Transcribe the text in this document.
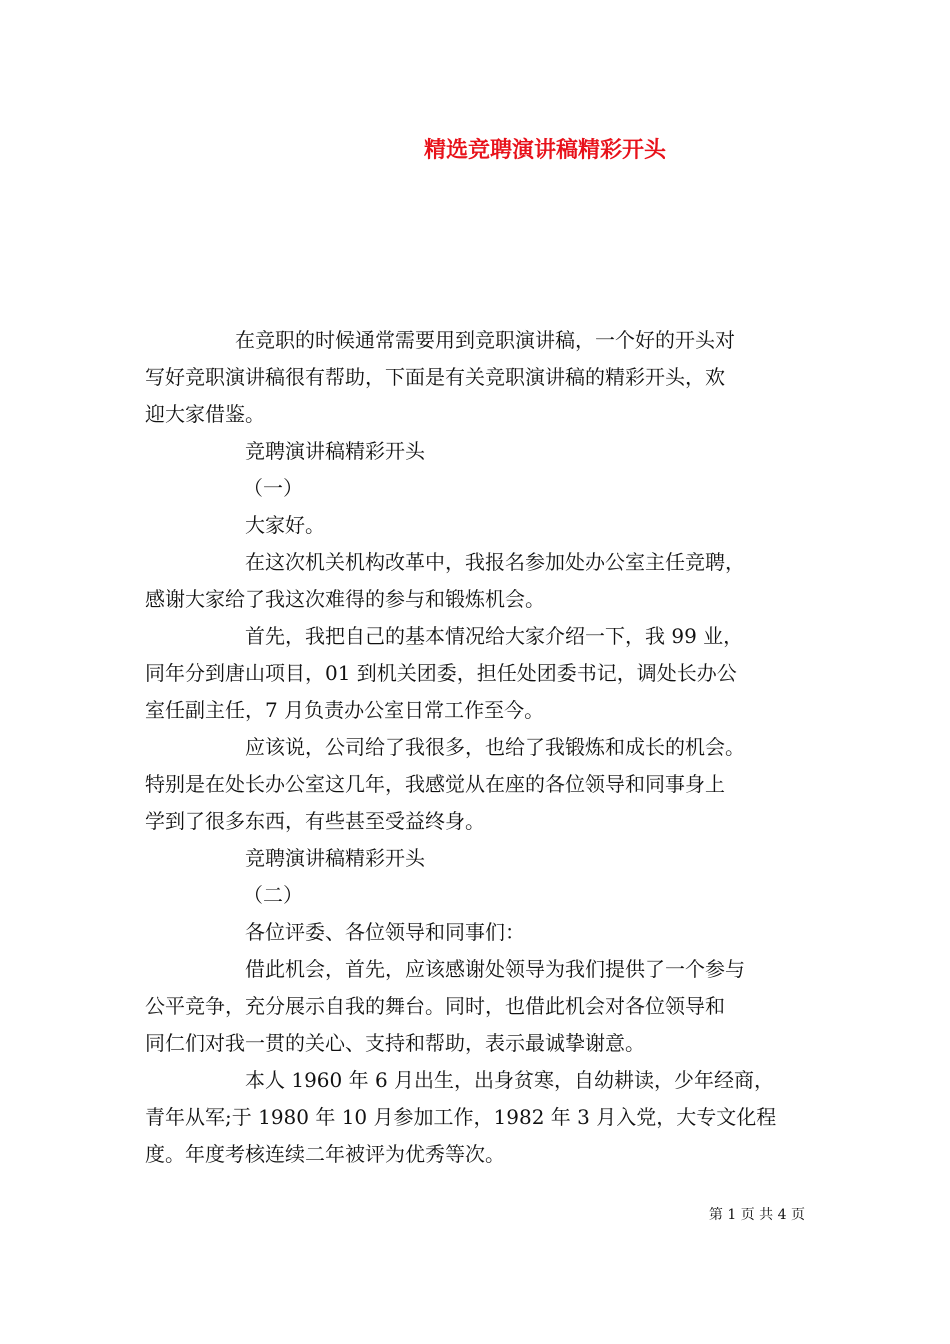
精选竞聘演讲稿精彩开头
在竞职的时候通常需要用到竞职演讲稿，一个好的开头对
写好竞职演讲稿很有帮助，下面是有关竞职演讲稿的精彩开头，欢
迎大家借鉴。
竞聘演讲稿精彩开头
（一）
大家好。
在这次机关机构改革中，我报名参加处办公室主任竞聘，
感谢大家给了我这次难得的参与和锻炼机会。
首先，我把自己的基本情况给大家介绍一下，我 99 业，
同年分到唐山项目，01 到机关团委，担任处团委书记，调处长办公
室任副主任，7 月负责办公室日常工作至今。
应该说，公司给了我很多，也给了我锻炼和成长的机会。
特别是在处长办公室这几年，我感觉从在座的各位领导和同事身上
学到了很多东西，有些甚至受益终身。
竞聘演讲稿精彩开头
（二）
各位评委、各位领导和同事们：
借此机会，首先，应该感谢处领导为我们提供了一个参与
公平竞争，充分展示自我的舞台。同时，也借此机会对各位领导和
同仁们对我一贯的关心、支持和帮助，表示最诚挚谢意。
本人 1960 年 6 月出生，出身贫寒，自幼耕读，少年经商，
青年从军;于 1980 年 10 月参加工作，1982 年 3 月入党，大专文化程
度。年度考核连续二年被评为优秀等次。
第 1 页 共 4 页
